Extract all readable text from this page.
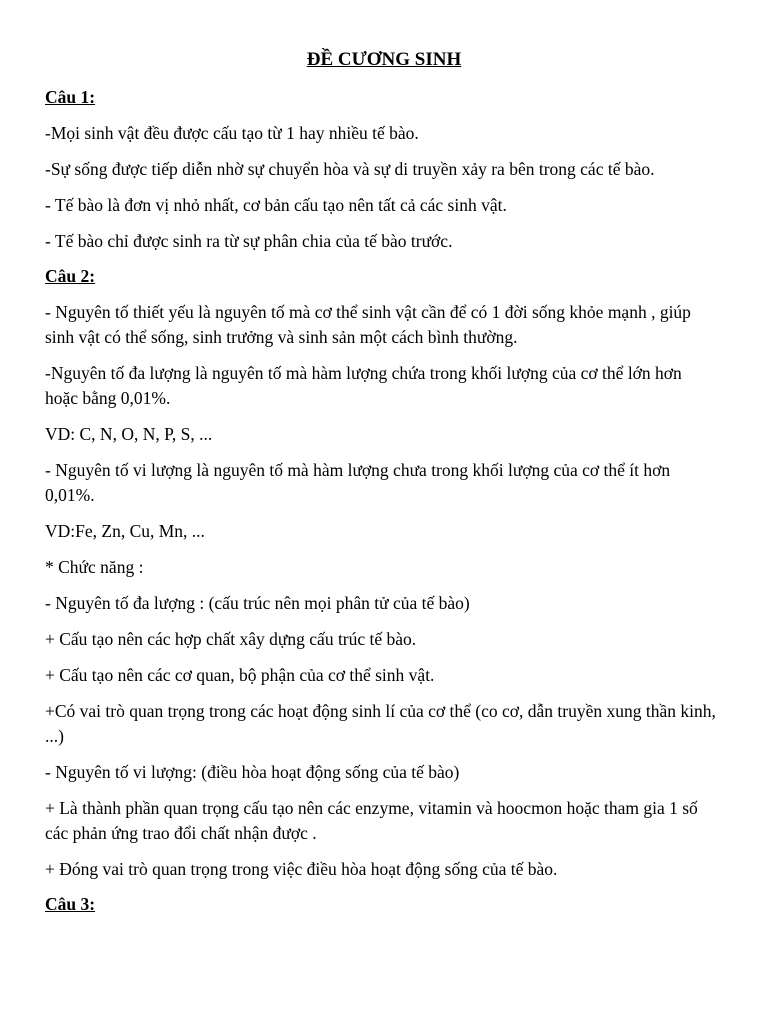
ĐỀ CƯƠNG SINH
Câu 1:
-Mọi sinh vật đều được cấu tạo từ 1 hay nhiều tế bào.
-Sự sống được tiếp diễn nhờ sự chuyển hòa và sự di truyền xảy ra bên trong các tế bào.
- Tế bào là đơn vị nhỏ nhất, cơ bản cấu tạo nên tất cả các sinh vật.
- Tế bào chỉ được sinh ra từ sự phân chia của tế bào trước.
Câu 2:
- Nguyên tố thiết yếu là nguyên tố mà cơ thể sinh vật cần để có 1 đời sống khỏe mạnh , giúp sinh vật có thể sống, sinh trưởng và sinh sản một cách bình thường.
-Nguyên tố đa lượng là nguyên tố mà hàm lượng chứa trong khối lượng của cơ thể lớn hơn hoặc bằng 0,01%.
VD: C, N, O, N, P, S, ...
- Nguyên tố vi lượng là nguyên tố mà hàm lượng chưa trong khối lượng của cơ thể ít hơn 0,01%.
VD:Fe, Zn, Cu, Mn, ...
* Chức năng :
- Nguyên tố đa lượng : (cấu trúc nên mọi phân tử của tế bào)
+ Cấu tạo nên các hợp chất xây dựng cấu trúc tế bào.
+ Cấu tạo nên các cơ quan, bộ phận của cơ thể sinh vật.
+Có vai trò quan trọng trong các hoạt động sinh lí của cơ thể (co cơ, dẫn truyền xung thần kinh, ...)
- Nguyên tố vi lượng: (điều hòa hoạt động sống của tế bào)
+ Là thành phần quan trọng cấu tạo nên các enzyme, vitamin và hoocmon hoặc tham gia 1 số các phản ứng trao đổi chất nhận được .
+ Đóng vai trò quan trọng trong việc điều hòa hoạt động sống của tế bào.
Câu 3:
